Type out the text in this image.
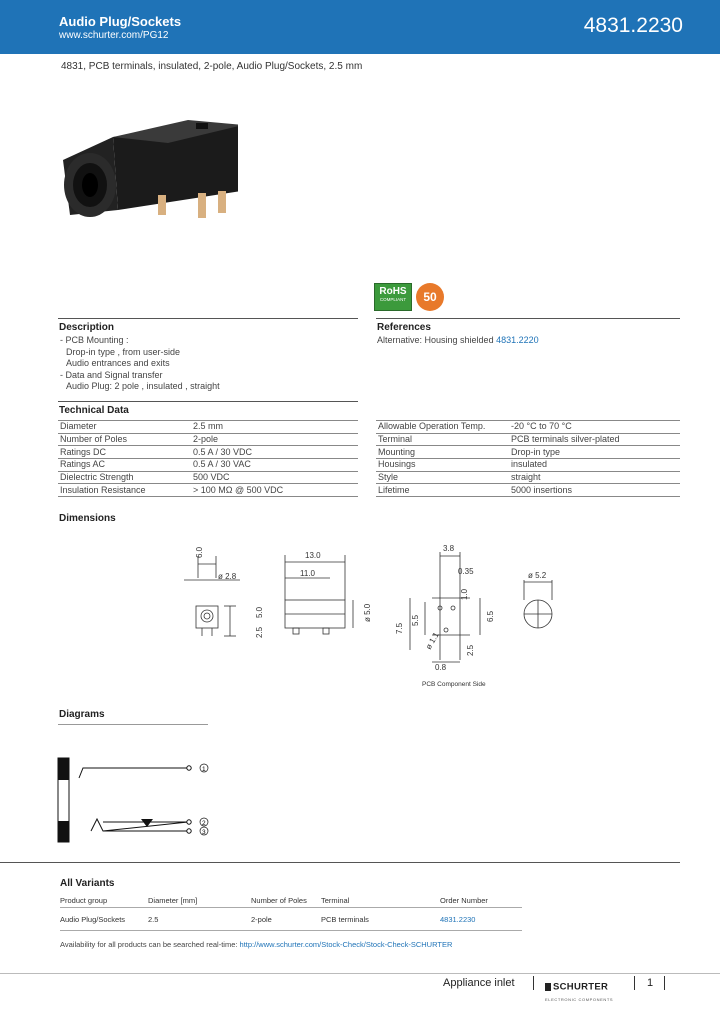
Audio Plug/Sockets
www.schurter.com/PG12	4831.2230
4831, PCB terminals, insulated, 2-pole, Audio Plug/Sockets, 2.5 mm
RoHS
COMPLIANT	50
Description
- PCB Mounting :
Drop-in type , from user-side
Audio entrances and exits
- Data and Signal transfer
Audio Plug: 2 pole , insulated , straight
References
Alternative: Housing shielded 4831.2220
Technical Data
Diameter	2.5 mm
Number of Poles	2-pole
Ratings DC	0.5 A / 30 VDC
Ratings AC	0.5 A / 30 VAC
Dielectric Strength	500 VDC
Insulation Resistance	> 100 MΩ @ 500 VDC
Allowable Operation Temp.	-20 °C to 70 °C
Terminal	PCB terminals silver-plated
Mounting	Drop-in type
Housings	insulated
Style	straight
Lifetime	5000 insertions
Dimensions
6.0
ø 2.8
5.0
2.5
13.0
11.0
ø 5.0
3.8
0.35
1.0
7.5
5.5	6.5
2.5
0.8
ø 1.1
PCB Component Side
ø 5.2
Diagrams
1
2
3
All Variants
Product group	Diameter [mm]	Number of Poles	Terminal	Order Number
Audio Plug/Sockets	2.5	2-pole	PCB terminals	4831.2230
Availability for all products can be searched real-time: http://www.schurter.com/Stock-Check/Stock-Check-SCHURTER
Appliance inlet	SCHURTER
ELECTRONIC COMPONENTS
1
